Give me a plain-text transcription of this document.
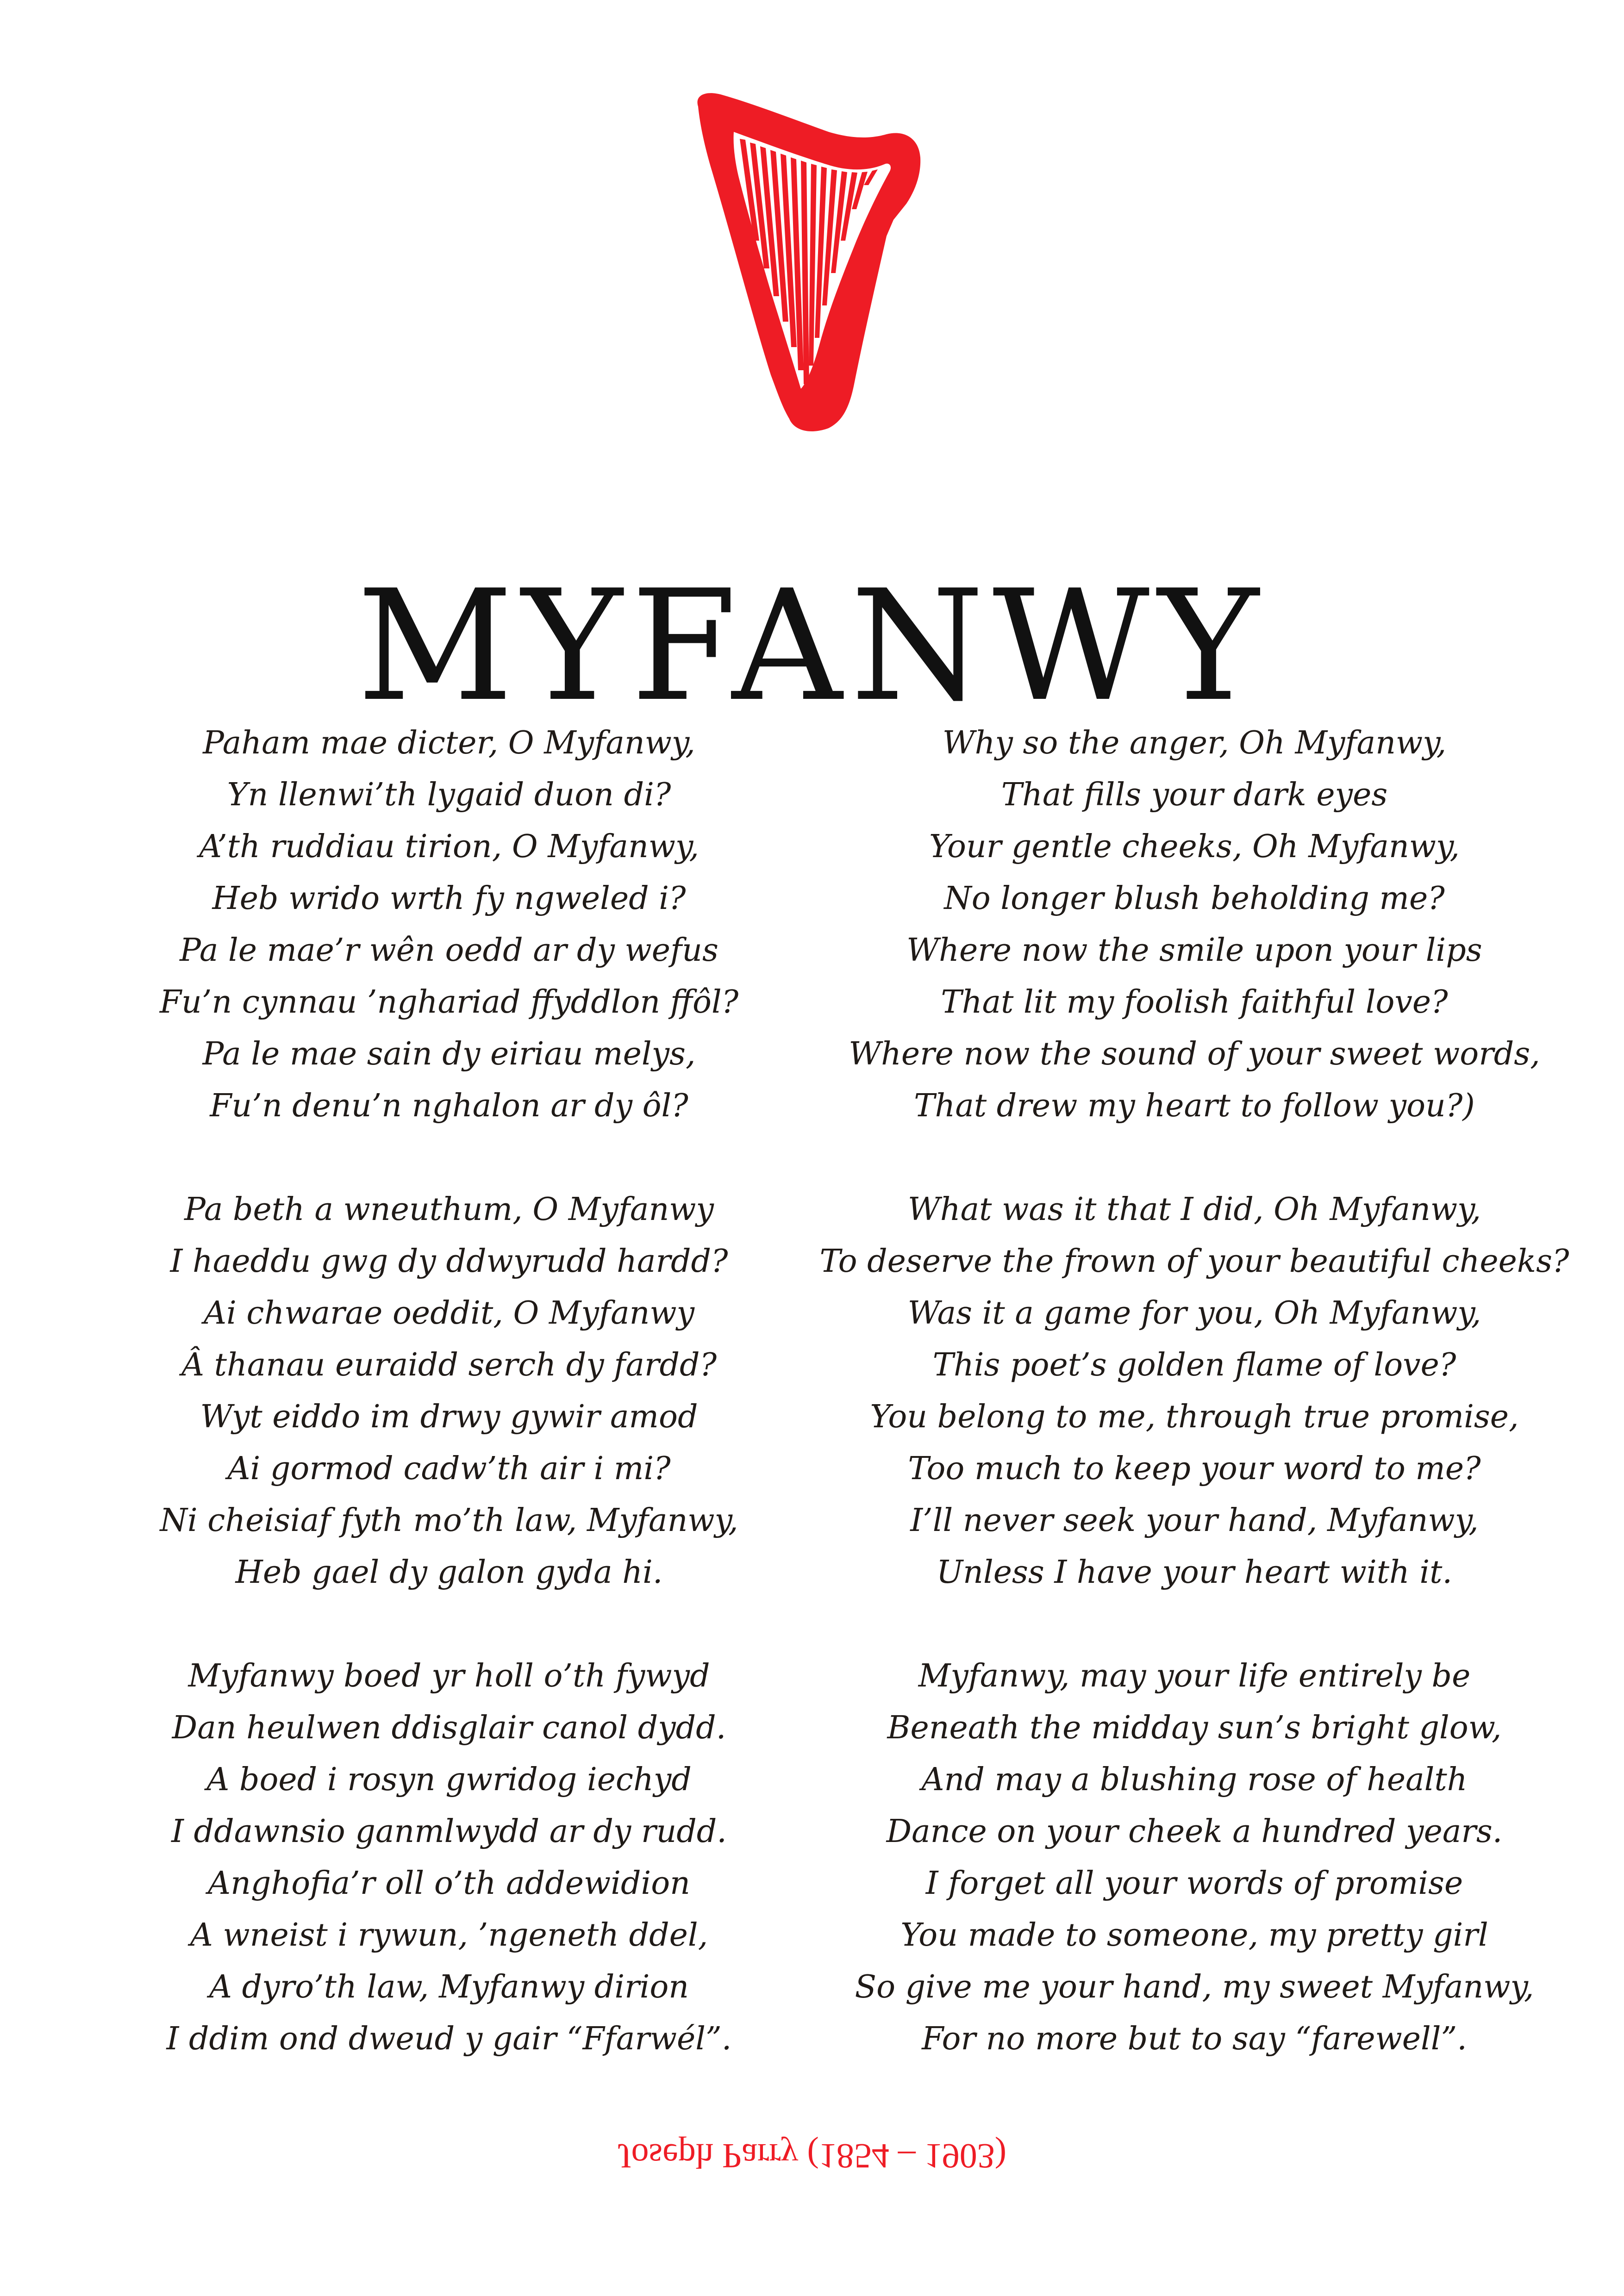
MYFANWY
Paham mae dicter, O Myfanwy,
Yn llenwi’th lygaid duon di?
A’th ruddiau tirion, O Myfanwy,
Heb wrido wrth fy ngweled i?
Pa le mae’r wên oedd ar dy wefus
Fu’n cynnau ’nghariad ffyddlon ffôl?
Pa le mae sain dy eiriau melys,
Fu’n denu’n nghalon ar dy ôl?
Pa beth a wneuthum, O Myfanwy
I haeddu gwg dy ddwyrudd hardd?
Ai chwarae oeddit, O Myfanwy
Â thanau euraidd serch dy fardd?
Wyt eiddo im drwy gywir amod
Ai gormod cadw’th air i mi?
Ni cheisiaf fyth mo’th law, Myfanwy,
Heb gael dy galon gyda hi.
Myfanwy boed yr holl o’th fywyd
Dan heulwen ddisglair canol dydd.
A boed i rosyn gwridog iechyd
I ddawnsio ganmlwydd ar dy rudd.
Anghofia’r oll o’th addewidion
A wneist i rywun, ’ngeneth ddel,
A dyro’th law, Myfanwy dirion
I ddim ond dweud y gair “Ffarwél”.
Why so the anger, Oh Myfanwy,
That fills your dark eyes
Your gentle cheeks, Oh Myfanwy,
No longer blush beholding me?
Where now the smile upon your lips
That lit my foolish faithful love?
Where now the sound of your sweet words,
That drew my heart to follow you?)
What was it that I did, Oh Myfanwy,
To deserve the frown of your beautiful cheeks?
Was it a game for you, Oh Myfanwy,
This poet’s golden flame of love?
You belong to me, through true promise,
Too much to keep your word to me?
I’ll never seek your hand, Myfanwy,
Unless I have your heart with it.
Myfanwy, may your life entirely be
Beneath the midday sun’s bright glow,
And may a blushing rose of health
Dance on your cheek a hundred years.
I forget all your words of promise
You made to someone, my pretty girl
So give me your hand, my sweet Myfanwy,
For no more but to say “farewell”.
Joseph Parry (1854 – 1903)
